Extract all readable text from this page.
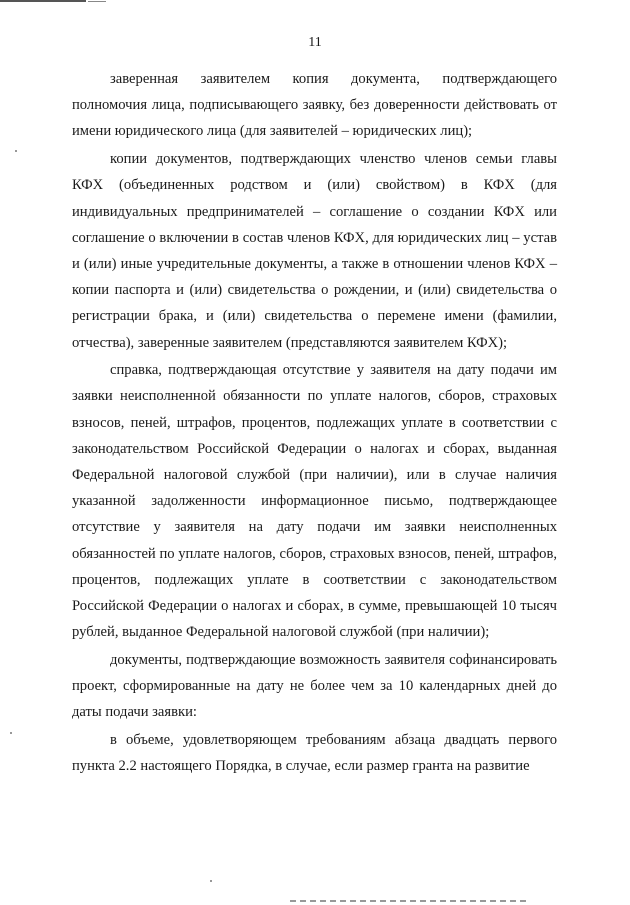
11

заверенная заявителем копия документа, подтверждающего полномочия лица, подписывающего заявку, без доверенности действовать от имени юридического лица (для заявителей – юридических лиц);

копии документов, подтверждающих членство членов семьи главы КФХ (объединенных родством и (или) свойством) в КФХ (для индивидуальных предпринимателей – соглашение о создании КФХ или соглашение о включении в состав членов КФХ, для юридических лиц – устав и (или) иные учредительные документы, а также в отношении членов КФХ – копии паспорта и (или) свидетельства о рождении, и (или) свидетельства о регистрации брака, и (или) свидетельства о перемене имени (фамилии, отчества), заверенные заявителем (представляются заявителем КФХ);

справка, подтверждающая отсутствие у заявителя на дату подачи им заявки неисполненной обязанности по уплате налогов, сборов, страховых взносов, пеней, штрафов, процентов, подлежащих уплате в соответствии с законодательством Российской Федерации о налогах и сборах, выданная Федеральной налоговой службой (при наличии), или в случае наличия указанной задолженности информационное письмо, подтверждающее отсутствие у заявителя на дату подачи им заявки неисполненных обязанностей по уплате налогов, сборов, страховых взносов, пеней, штрафов, процентов, подлежащих уплате в соответствии с законодательством Российской Федерации о налогах и сборах, в сумме, превышающей 10 тысяч рублей, выданное Федеральной налоговой службой (при наличии);

документы, подтверждающие возможность заявителя софинансировать проект, сформированные на дату не более чем за 10 календарных дней до даты подачи заявки:

в объеме, удовлетворяющем требованиям абзаца двадцать первого пункта 2.2 настоящего Порядка, в случае, если размер гранта на развитие
